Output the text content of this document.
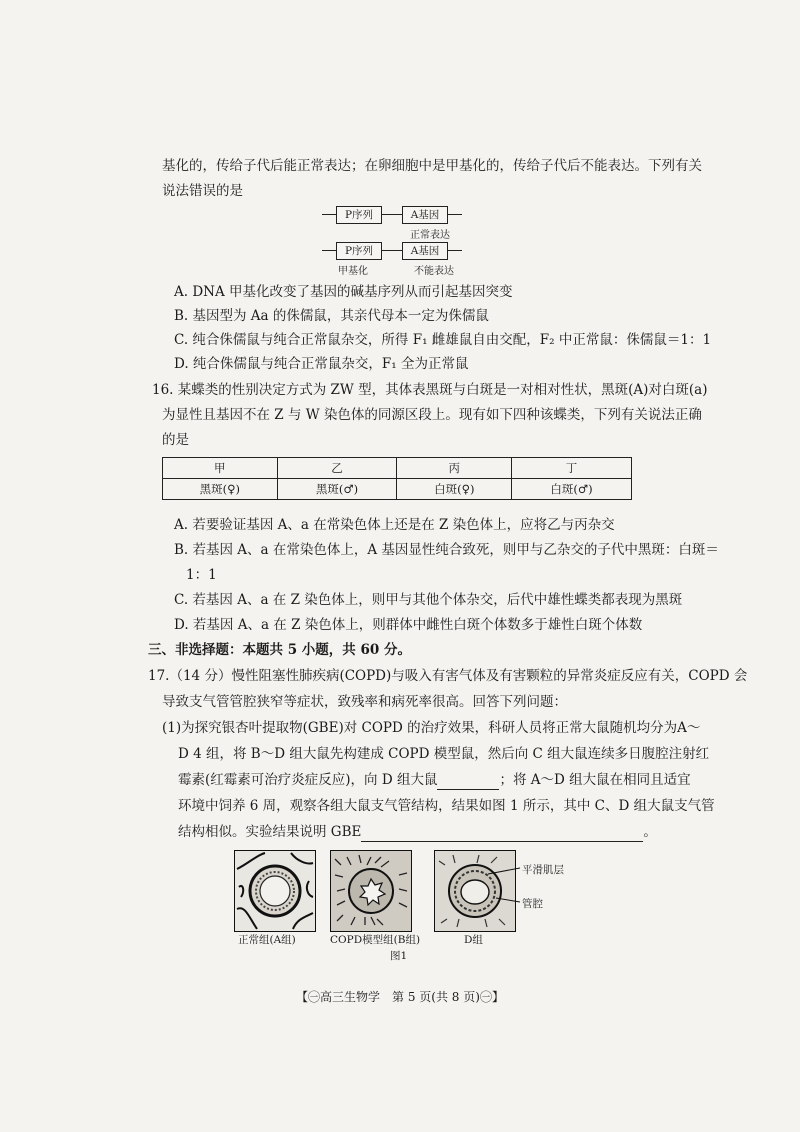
基化的，传给子代后能正常表达；在卵细胞中是甲基化的，传给子代后不能表达。下列有关
说法错误的是
P序列	A基因
正常表达
P序列	A基因
甲基化	不能表达
A. DNA 甲基化改变了基因的碱基序列从而引起基因突变
B. 基因型为 Aa 的侏儒鼠，其亲代母本一定为侏儒鼠
C. 纯合侏儒鼠与纯合正常鼠杂交，所得 F₁ 雌雄鼠自由交配，F₂ 中正常鼠：侏儒鼠＝1：1
D. 纯合侏儒鼠与纯合正常鼠杂交，F₁ 全为正常鼠
16. 某蝶类的性别决定方式为 ZW 型，其体表黑斑与白斑是一对相对性状，黑斑(A)对白斑(a)
为显性且基因不在 Z 与 W 染色体的同源区段上。现有如下四种该蝶类，下列有关说法正确
的是
甲	乙	丙	丁
黑斑(♀)	黑斑(♂)	白斑(♀)	白斑(♂)
A. 若要验证基因 A、a 在常染色体上还是在 Z 染色体上，应将乙与丙杂交
B. 若基因 A、a 在常染色体上，A 基因显性纯合致死，则甲与乙杂交的子代中黑斑：白斑＝
1：1
C. 若基因 A、a 在 Z 染色体上，则甲与其他个体杂交，后代中雄性蝶类都表现为黑斑
D. 若基因 A、a 在 Z 染色体上，则群体中雌性白斑个体数多于雄性白斑个体数
三、非选择题：本题共 5 小题，共 60 分。
17.（14 分）慢性阻塞性肺疾病(COPD)与吸入有害气体及有害颗粒的异常炎症反应有关，COPD 会
导致支气管管腔狭窄等症状，致残率和病死率很高。回答下列问题：
(1)为探究银杏叶提取物(GBE)对 COPD 的治疗效果，科研人员将正常大鼠随机均分为A～
D 4 组，将 B～D 组大鼠先构建成 COPD 模型鼠，然后向 C 组大鼠连续多日腹腔注射红
霉素(红霉素可治疗炎症反应)，向 D 组大鼠	；将 A～D 组大鼠在相同且适宜
环境中饲养 6 周，观察各组大鼠支气管结构，结果如图 1 所示，其中 C、D 组大鼠支气管
结构相似。实验结果说明 GBE	。
平滑肌层
管腔
正常组(A组)	COPD模型组(B组)	D组
图1
【㊀高三生物学　第 5 页(共 8 页)㊀】
